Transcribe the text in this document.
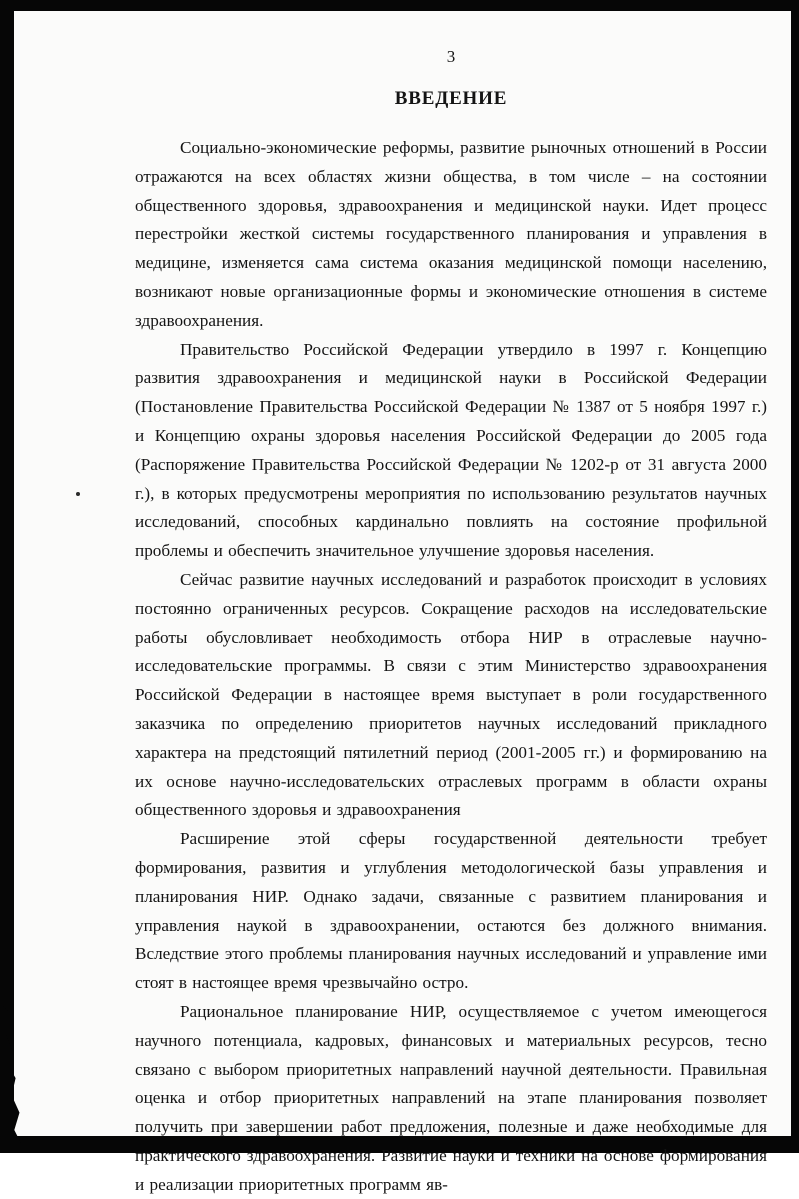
3
ВВЕДЕНИЕ

Социально-экономические реформы, развитие рыночных отношений в России отражаются на всех областях жизни общества, в том числе – на состоянии общественного здоровья, здравоохранения и медицинской науки. Идет процесс перестройки жесткой системы государственного планирования и управления в медицине, изменяется сама система оказания медицинской помощи населению, возникают новые организационные формы и экономические отношения в системе здравоохранения.

Правительство Российской Федерации утвердило в 1997 г. Концепцию развития здравоохранения и медицинской науки в Российской Федерации (Постановление Правительства Российской Федерации № 1387 от 5 ноября 1997 г.) и Концепцию охраны здоровья населения Российской Федерации до 2005 года (Распоряжение Правительства Российской Федерации № 1202-р от 31 августа 2000 г.), в которых предусмотрены мероприятия по использованию результатов научных исследований, способных кардинально повлиять на состояние профильной проблемы и обеспечить значительное улучшение здоровья населения.

Сейчас развитие научных исследований и разработок происходит в условиях постоянно ограниченных ресурсов. Сокращение расходов на исследовательские работы обусловливает необходимость отбора НИР в отраслевые научно-исследовательские программы. В связи с этим Министерство здравоохранения Российской Федерации в настоящее время выступает в роли государственного заказчика по определению приоритетов научных исследований прикладного характера на предстоящий пятилетний период (2001-2005 гг.) и формированию на их основе научно-исследовательских отраслевых программ в области охраны общественного здоровья и здравоохранения

Расширение этой сферы государственной деятельности требует формирования, развития и углубления методологической базы управления и планирования НИР. Однако задачи, связанные с развитием планирования и управления наукой в здравоохранении, остаются без должного внимания. Вследствие этого проблемы планирования научных исследований и управление ими стоят в настоящее время чрезвычайно остро.

Рациональное планирование НИР, осуществляемое с учетом имеющегося научного потенциала, кадровых, финансовых и материальных ресурсов, тесно связано с выбором приоритетных направлений научной деятельности. Правильная оценка и отбор приоритетных направлений на этапе планирования позволяет получить при завершении работ предложения, полезные и даже необходимые для практического здравоохранения. Развитие науки и техники на основе формирования и реализации приоритетных программ яв-
